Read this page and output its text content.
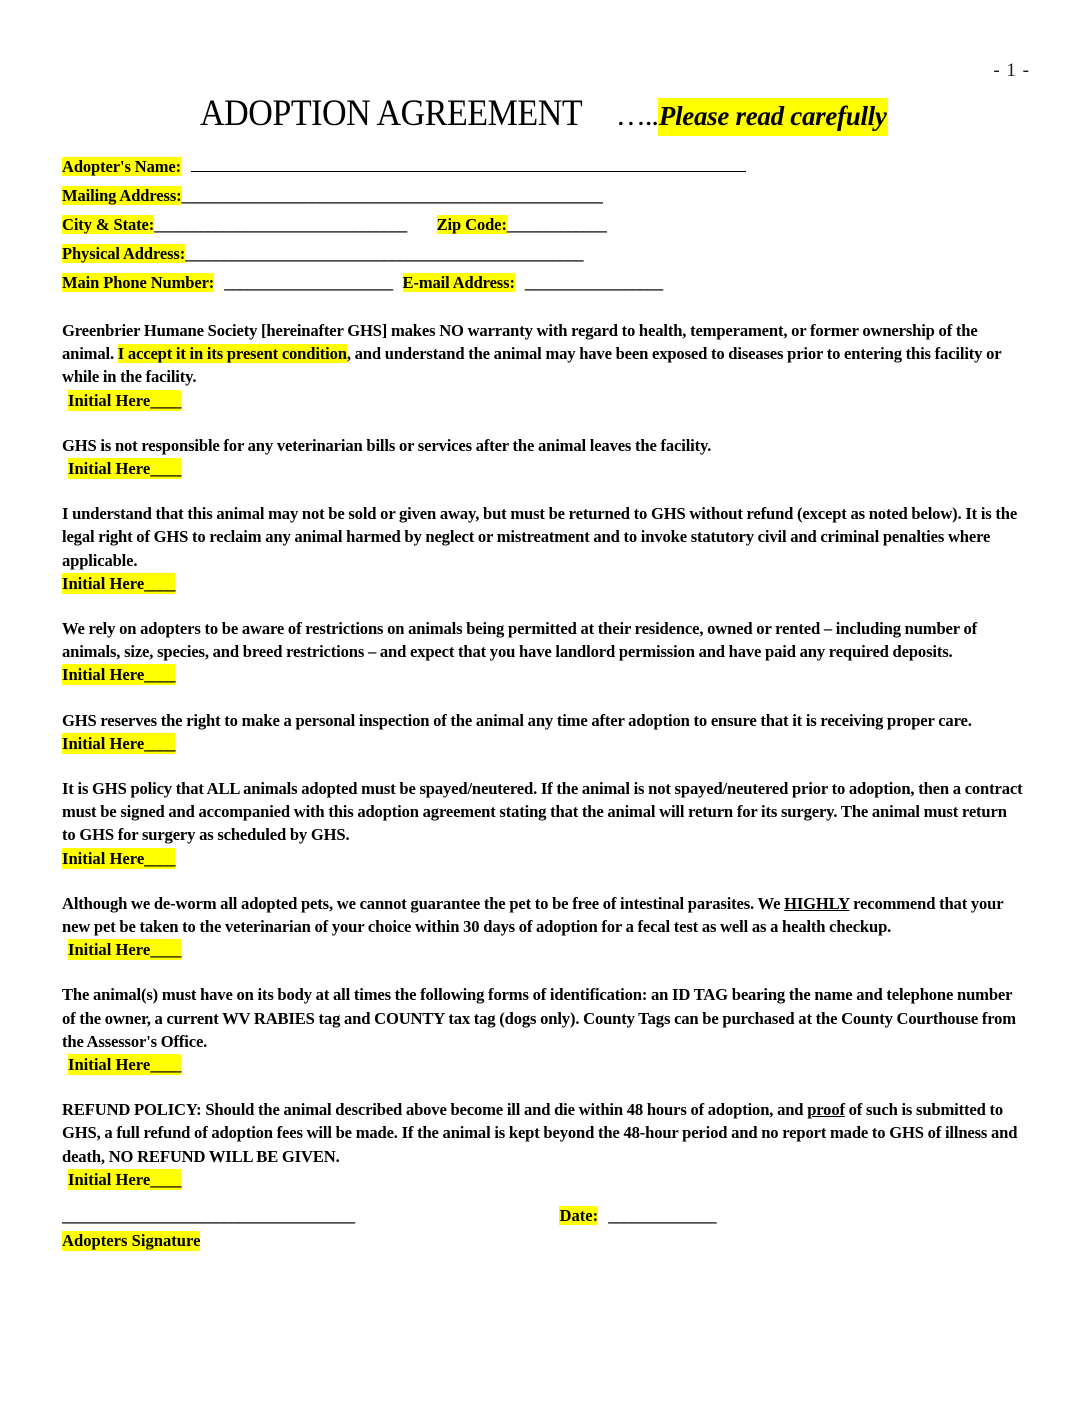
- 1 -
ADOPTION AGREEMENT …..Please read carefully
Adopter's Name:
Mailing Address:_______________________________________________________
City & State:_________________________________ Zip Code:_____________
Physical Address:____________________________________________________
Main Phone Number: ______________________ E-mail Address: __________________

Greenbrier Humane Society [hereinafter GHS] makes NO warranty with regard to health, temperament, or former ownership of the animal. I accept it in its present condition, and understand the animal may have been exposed to diseases prior to entering this facility or while in the facility.

Initial Here____

GHS is not responsible for any veterinarian bills or services after the animal leaves the facility.

Initial Here____

I understand that this animal may not be sold or given away, but must be returned to GHS without refund (except as noted below). It is the legal right of GHS to reclaim any animal harmed by neglect or mistreatment and to invoke statutory civil and criminal penalties where applicable.

Initial Here____

We rely on adopters to be aware of restrictions on animals being permitted at their residence, owned or rented – including number of animals, size, species, and breed restrictions – and expect that you have landlord permission and have paid any required deposits.

Initial Here____

GHS reserves the right to make a personal inspection of the animal any time after adoption to ensure that it is receiving proper care.

Initial Here____

It is GHS policy that ALL animals adopted must be spayed/neutered. If the animal is not spayed/neutered prior to adoption, then a contract must be signed and accompanied with this adoption agreement stating that the animal will return for its surgery. The animal must return to GHS for surgery as scheduled by GHS.

Initial Here____

Although we de-worm all adopted pets, we cannot guarantee the pet to be free of intestinal parasites. We HIGHLY recommend that your new pet be taken to the veterinarian of your choice within 30 days of adoption for a fecal test as well as a health checkup.

Initial Here____

The animal(s) must have on its body at all times the following forms of identification: an ID TAG bearing the name and telephone number of the owner, a current WV RABIES tag and COUNTY tax tag (dogs only). County Tags can be purchased at the County Courthouse from the Assessor's Office.

Initial Here____

REFUND POLICY: Should the animal described above become ill and die within 48 hours of adoption, and proof of such is submitted to GHS, a full refund of adoption fees will be made. If the animal is kept beyond the 48-hour period and no report made to GHS of illness and death, NO REFUND WILL BE GIVEN.

Initial Here____

______________________________________	Date: ______________
Adopters Signature
